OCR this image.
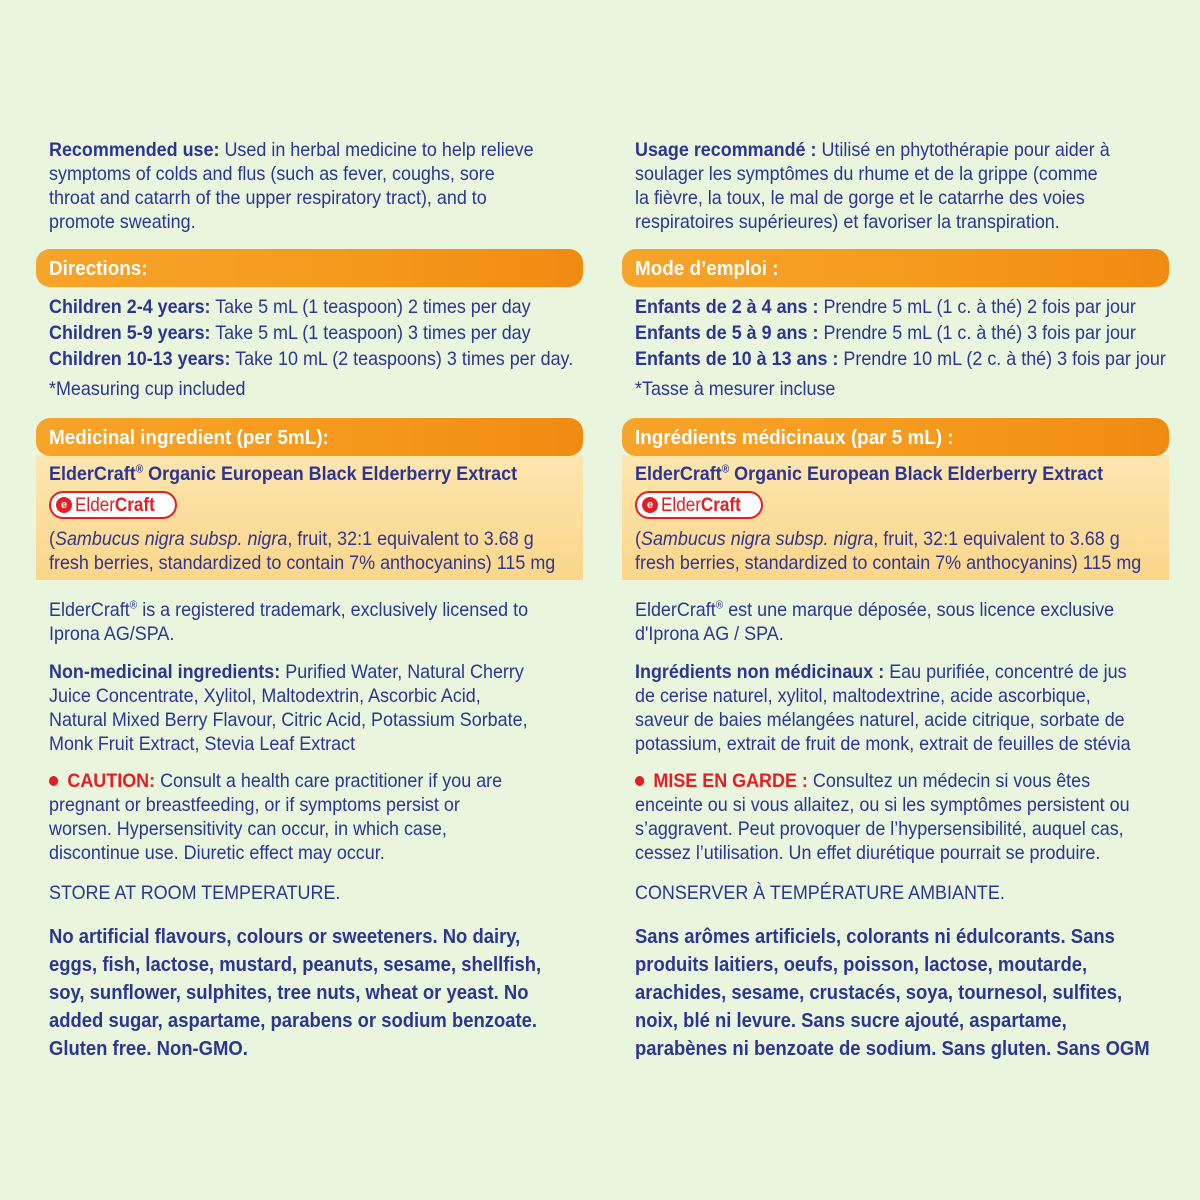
Recommended use: Used in herbal medicine to help relieve
symptoms of colds and flus (such as fever, coughs, sore
throat and catarrh of the upper respiratory tract), and to
promote sweating.
Directions:
Children 2-4 years: Take 5 mL (1 teaspoon) 2 times per day
Children 5-9 years: Take 5 mL (1 teaspoon) 3 times per day
Children 10-13 years: Take 10 mL (2 teaspoons) 3 times per day.
*Measuring cup included
Medicinal ingredient (per 5mL):
ElderCraft® Organic European Black Elderberry Extract
e ElderCraft
(Sambucus nigra subsp. nigra, fruit, 32:1 equivalent to 3.68 g
fresh berries, standardized to contain 7% anthocyanins) 115 mg
ElderCraft® is a registered trademark, exclusively licensed to
Iprona AG/SPA.
Non-medicinal ingredients: Purified Water, Natural Cherry
Juice Concentrate, Xylitol, Maltodextrin, Ascorbic Acid,
Natural Mixed Berry Flavour, Citric Acid, Potassium Sorbate,
Monk Fruit Extract, Stevia Leaf Extract
CAUTION: Consult a health care practitioner if you are
pregnant or breastfeeding, or if symptoms persist or
worsen. Hypersensitivity can occur, in which case,
discontinue use. Diuretic effect may occur.
STORE AT ROOM TEMPERATURE.
No artificial flavours, colours or sweeteners. No dairy,
eggs, fish, lactose, mustard, peanuts, sesame, shellfish,
soy, sunflower, sulphites, tree nuts, wheat or yeast. No
added sugar, aspartame, parabens or sodium benzoate.
Gluten free. Non-GMO.
Usage recommandé : Utilisé en phytothérapie pour aider à
soulager les symptômes du rhume et de la grippe (comme
la fièvre, la toux, le mal de gorge et le catarrhe des voies
respiratoires supérieures) et favoriser la transpiration.
Mode d’emploi :
Enfants de 2 à 4 ans : Prendre 5 mL (1 c. à thé) 2 fois par jour
Enfants de 5 à 9 ans : Prendre 5 mL (1 c. à thé) 3 fois par jour
Enfants de 10 à 13 ans : Prendre 10 mL (2 c. à thé) 3 fois par jour
*Tasse à mesurer incluse
Ingrédients médicinaux (par 5 mL) :
ElderCraft® Organic European Black Elderberry Extract
e ElderCraft
(Sambucus nigra subsp. nigra, fruit, 32:1 equivalent to 3.68 g
fresh berries, standardized to contain 7% anthocyanins) 115 mg
ElderCraft® est une marque déposée, sous licence exclusive
d'Iprona AG / SPA.
Ingrédients non médicinaux : Eau purifiée, concentré de jus
de cerise naturel, xylitol, maltodextrine, acide ascorbique,
saveur de baies mélangées naturel, acide citrique, sorbate de
potassium, extrait de fruit de monk, extrait de feuilles de stévia
MISE EN GARDE : Consultez un médecin si vous êtes
enceinte ou si vous allaitez, ou si les symptômes persistent ou
s’aggravent. Peut provoquer de l’hypersensibilité, auquel cas,
cessez l’utilisation. Un effet diurétique pourrait se produire.
CONSERVER À TEMPÉRATURE AMBIANTE.
Sans arômes artificiels, colorants ni édulcorants. Sans
produits laitiers, oeufs, poisson, lactose, moutarde,
arachides, sesame, crustacés, soya, tournesol, sulfites,
noix, blé ni levure. Sans sucre ajouté, aspartame,
parabènes ni benzoate de sodium. Sans gluten. Sans OGM
